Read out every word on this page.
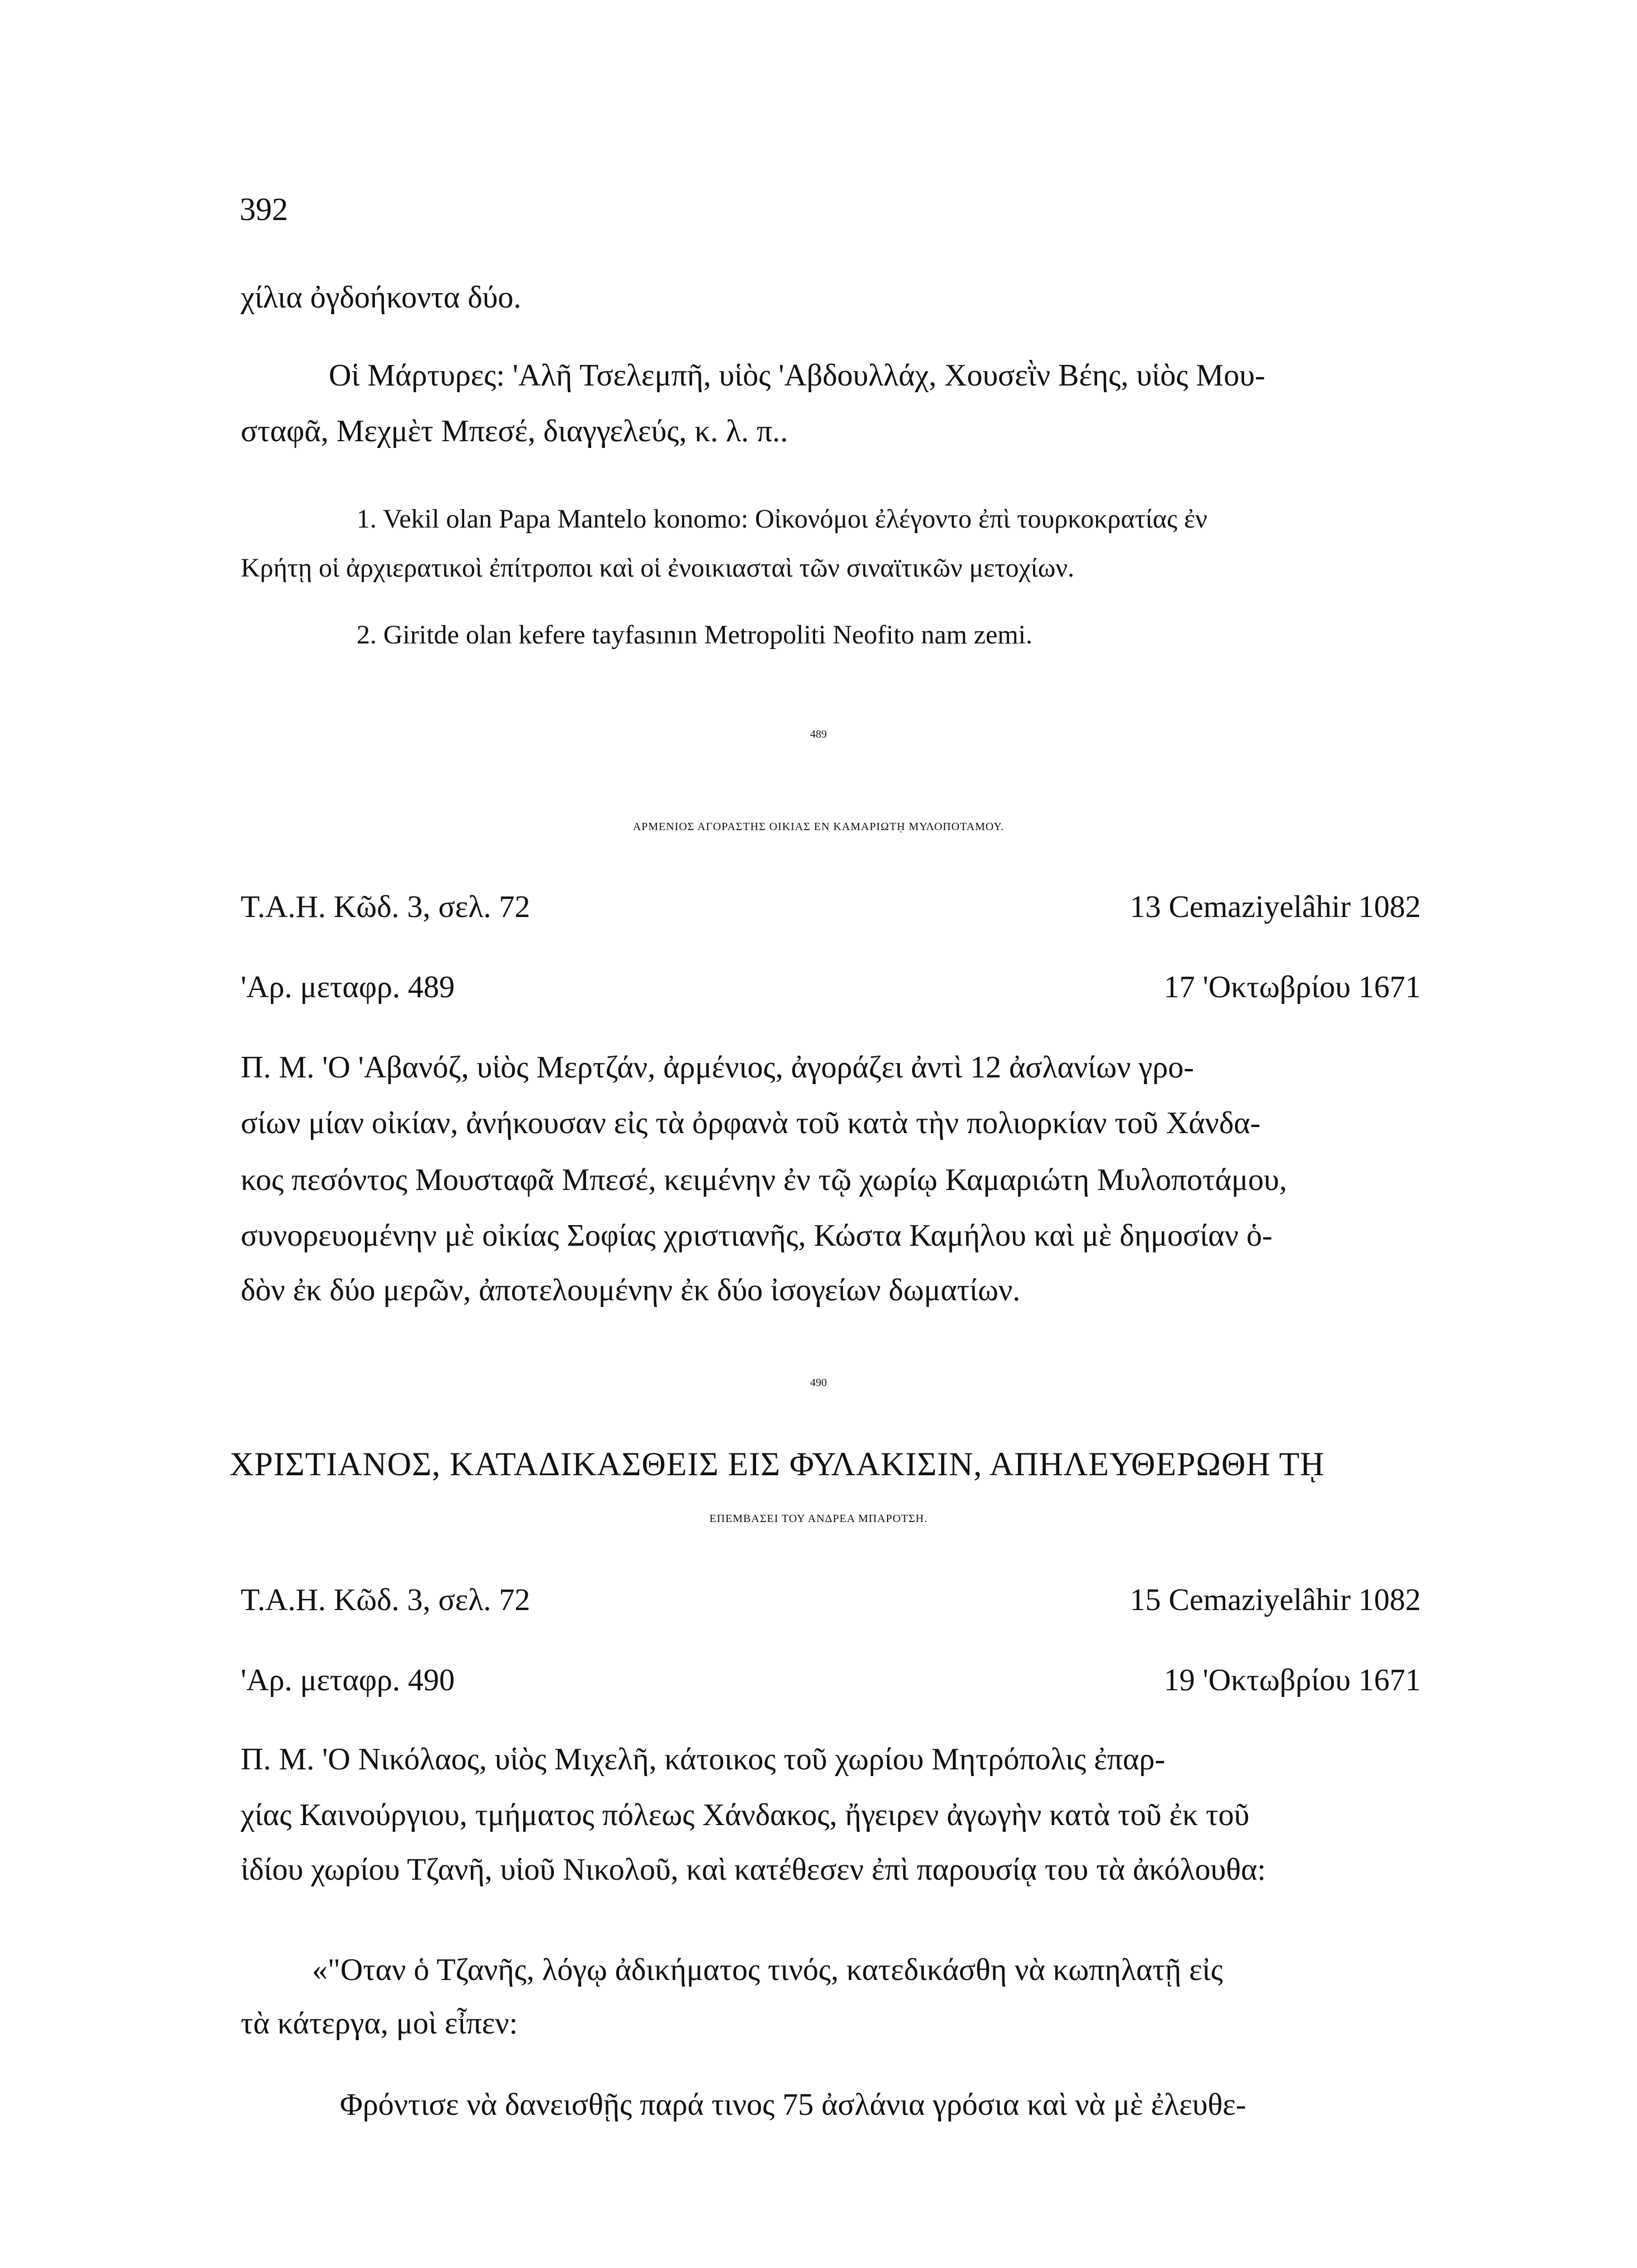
392
χίλια ὀγδοήκοντα δύο.
Οἱ Μάρτυρες: 'Αλῆ Τσελεμπῆ, υἱὸς 'Αβδουλλάχ, Χουσεῒν Βέης, υἱὸς Μου-
σταφᾶ, Μεχμὲτ Μπεσέ, διαγγελεύς, κ. λ. π..
1. Vekil olan Papa Mantelo konomo: Οἰκονόμοι ἐλέγοντο ἐπὶ τουρκοκρατίας ἐν
Κρήτῃ οἱ ἀρχιερατικοὶ ἐπίτροποι καὶ οἱ ἐνοικιασταὶ τῶν σιναϊτικῶν μετοχίων.
2. Giritde olan kefere tayfasının Metropoliti Neofito nam zemi.
489
ΑΡΜΕΝΙΟΣ ΑΓΟΡΑΣΤΗΣ ΟΙΚΙΑΣ ΕΝ ΚΑΜΑΡΙΩΤῌ ΜΥΛΟΠΟΤΑΜΟΥ.
Τ.Α.Η. Κῶδ. 3, σελ. 72	13 Cemaziyelâhir 1082
'Αρ. μεταφρ. 489	17 'Οκτωβρίου 1671
Π. Μ. 'Ο 'Αβανόζ, υἱὸς Μερτζάν, ἀρμένιος, ἀγοράζει ἀντὶ 12 ἀσλανίων γρο-
σίων μίαν οἰκίαν, ἀνήκουσαν εἰς τὰ ὀρφανὰ τοῦ κατὰ τὴν πολιορκίαν τοῦ Χάνδα-
κος πεσόντος Μουσταφᾶ Μπεσέ, κειμένην ἐν τῷ χωρίῳ Καμαριώτη Μυλοποτάμου,
συνορευομένην μὲ οἰκίας Σοφίας χριστιανῆς, Κώστα Καμήλου καὶ μὲ δημοσίαν ὁ-
δὸν ἐκ δύο μερῶν, ἀποτελουμένην ἐκ δύο ἰσογείων δωματίων.
490
ΧΡΙΣΤΙΑΝΟΣ, ΚΑΤΑΔΙΚΑΣΘΕΙΣ ΕΙΣ ΦΥΛΑΚΙΣΙΝ, ΑΠΗΛΕΥΘΕΡΩΘΗ Τῌ
ΕΠΕΜΒΑΣΕΙ ΤΟΥ ΑΝΔΡΕΑ ΜΠΑΡΟΤΣΗ.
Τ.Α.Η. Κῶδ. 3, σελ. 72	15 Cemaziyelâhir 1082
'Αρ. μεταφρ. 490	19 'Οκτωβρίου 1671
Π. Μ. 'Ο Νικόλαος, υἱὸς Μιχελῆ, κάτοικος τοῦ χωρίου Μητρόπολις ἐπαρ-
χίας Καινούργιου, τμήματος πόλεως Χάνδακος, ἤγειρεν ἀγωγὴν κατὰ τοῦ ἐκ τοῦ
ἰδίου χωρίου Τζανῆ, υἱοῦ Νικολοῦ, καὶ κατέθεσεν ἐπὶ παρουσίᾳ του τὰ ἀκόλουθα:
«"Οταν ὁ Τζανῆς, λόγῳ ἀδικήματος τινός, κατεδικάσθη νὰ κωπηλατῇ εἰς
τὰ κάτεργα, μοὶ εἶπεν:
Φρόντισε νὰ δανεισθῇς παρά τινος 75 ἀσλάνια γρόσια καὶ νὰ μὲ ἐλευθε-
